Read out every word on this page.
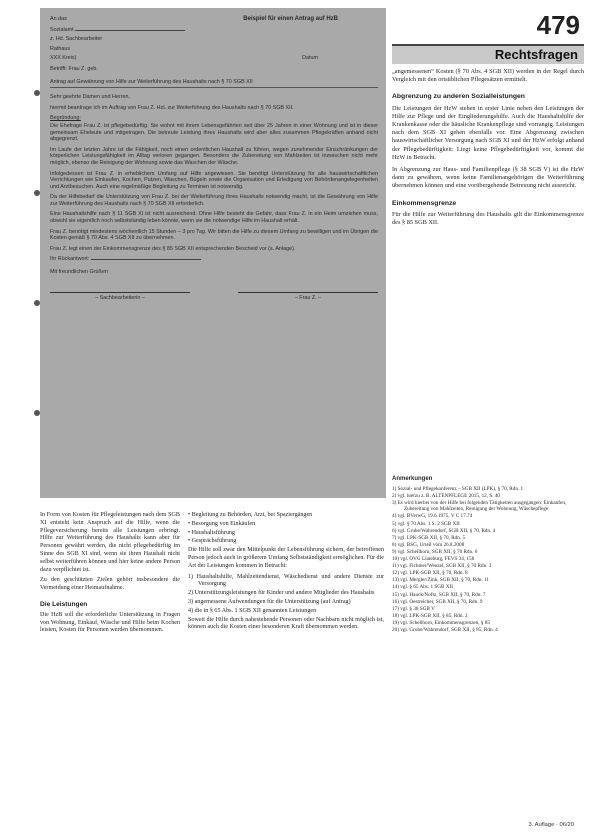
479
Rechtsfragen
An das	Beispiel für einen Antrag auf HzB
Sozialamt
z. Hd. Sachbearbeiter
Rathaus
XXX Kreis)	Datum
Betrifft: Frau Z. geb.
Antrag auf Gewährung von Hilfe zur Weiterführung des Haushalts nach § 70 SGB XII

Sehr geehrte Damen und Herren,

hiermit beantrage ich im Auftrag von Frau Z. HzL zur Weiterführung des Haushalts nach § 70 SGB XII.

Begründung:

Die Ehefrage Frau Z. ist pflegebedürftig. Sie wohnt mit ihrem Lebensgefährten seit über 25 Jahren in einer Wohnung und ist in dieser gemeinsam Eheleute und mitgetragen. Die betreute Leistung ihres Haushalts wird aber alles zusammen Pflegekräften anhand nicht abgegrenzt.

Im Laufe der letzten Jahre ist die Fähigkeit, noch einen ordentlichen Haushalt zu führen, wegen zunehmender Einschränkungen der körperlichen Leistungsfähigkeit im Alltag verloren gegangen. Besonders die Zubereitung von Mahlzeiten ist inzwischen nicht mehr möglich, ebenso die Reinigung der Wohnung sowie das Waschen der Wäsche.

Infolgedessen ist Frau Z. in erheblichem Umfang auf Hilfe angewiesen. Sie benötigt Unterstützung für alle hauswirtschaftlichen Verrichtungen wie Einkaufen, Kochen, Putzen, Waschen, Bügeln sowie die Organisation und Erledigung von Behördenangelegenheiten und Arztbesuchen. Auch eine regelmäßige Begleitung zu Terminen ist notwendig.

Da der Hilfebedarf die Unterstützung von Frau Z. bei der Weiterführung ihres Haushalts notwendig macht, ist die Gewährung von Hilfe zur Weiterführung des Haushalts nach § 70 SGB XII erforderlich.

Eine Haushaltshilfe nach § 11 SGB XI ist nicht ausreichend. Ohne Hilfe besteht die Gefahr, dass Frau Z. in ein Heim umziehen muss, obwohl sie eigentlich noch selbstständig leben könnte, wenn sie die notwendige Hilfe im Haushalt erhält.

Frau Z. benötigt mindestens wöchentlich 15 Stunden – 3 pro Tag. Wir bitten die Hilfe zu diesem Umfang zu bewilligen und im Übrigen die Kosten gemäß § 70 Abs. 4 SGB XII zu übernehmen.

Frau Z. legt einen der Einkommensgrenze des § 85 SGB XII entsprechenden Bescheid vor (s. Anlage).

Ihr Rückantwort:
Mit freundlichen Grüßen
– Sachbearbeiterin –	– Frau Z. –

In Form von Kosten für Pflegeleistungen nach dem SGB XI entsteht kein Anspruch auf die Hilfe, wenn die Pflegeversicherung bereits alle Leistungen erbringt. Hilfe zur Weiterführung des Haushalts kann aber für Personen gewährt werden, die nicht pflegebedürftig im Sinne des SGB XI sind, wenn sie ihren Haushalt nicht selbst weiterführen können und hier keine andere Person dazu verpflichtet ist.

Zu den geschützten Zielen gehört insbesondere die Vermeidung einer Heimaufnahme.

Die Leistungen

Die HzB soll die erforderliche Unterstützung in Fragen von Wohnung, Einkauf, Wäsche und Hilfe beim Kochen leisten, Kosten für Personen werden übernommen.

• Begleitung zu Behörden, Arzt, bei Spaziergängen
• Besorgung von Einkäufen
• Haushaltsführung
• Gesprächsführung

Die Hilfe soll zwar den Mittelpunkt der Lebensführung sichern, der betroffenen Person jedoch auch in größerem Umfang Selbstständigkeit ermöglichen. Für die Art der Leistungen kommen in Betracht:

1) Haushaltshilfe, Mahlzeitendienst, Wäschedienst und andere Dienste zur Versorgung
2) Unterstützungsleistungen für Kinder und andere Mitglieder des Haushalts
3) angemessene Aufwendungen für die Unterstützung (auf Antrag)
4) die in § 65 Abs. 1 SGB XII genannten Leistungen

Soweit die Hilfe durch nahestehende Personen oder Nachbarn nicht möglich ist, können auch die Kosten einer besonderen Kraft übernommen werden.

„angemessenen“ Kosten (§ 70 Abs. 4 SGB XII) werden in der Regel durch Vergleich mit den ortsüblichen Pflegesätzen ermittelt.

Abgrenzung zu anderen Sozialleistungen

Die Leistungen der HzW stehen in erster Linie neben den Leistungen der Hilfe zur Pflege und der Eingliederungshilfe. Auch die Haushaltshilfe der Krankenkasse oder die häusliche Krankenpflege sind vorrangig. Leistungen nach dem SGB XI gehen ebenfalls vor. Eine Abgrenzung zwischen hauswirtschaftlicher Versorgung nach SGB XI und der HzW erfolgt anhand der Pflegebedürftigkeit: Liegt keine Pflegebedürftigkeit vor, kommt die HzW in Betracht.

In Abgrenzung zur Haus- und Familienpflege (§ 38 SGB V) ist die HzW dann zu gewähren, wenn keine Familienangehörigen die Weiterführung übernehmen können und eine vorübergehende Betreuung nicht ausreicht.

Einkommensgrenze

Für die Hilfe zur Weiterführung des Haushalts gilt die Einkommensgrenze des § 85 SGB XII.

Anmerkungen
1) Sozial- und Pflegekonferenz – SGB XII (LPK), § 70, Rdn. 1
2) vgl. hierzu z. B. ALTENPFLEGE 2015, 12, S. 40
3) Es wird hierbei von der Hilfe bei folgenden Tätigkeiten ausgegangen: Einkaufen, Zubereitung von Mahlzeiten, Reinigung der Wohnung, Wäschepflege
4) vgl. BVerwG, 19.6.1975, V C 17.74
5) vgl. § 70 Abs. 1 S. 2 SGB XII
6) vgl. Grube/Wahrendorf, SGB XII, § 70, Rdn. 4
7) vgl. LPK-SGB XII, § 70, Rdn. 5
8) vgl. BSG, Urteil vom 26.8.2008
9) vgl. Schellhorn, SGB XII, § 70 Rdn. 6
10) vgl. OVG Lüneburg, FEVS 34, 158
11) vgl. Fichtner/Wenzel, SGB XII, § 70 Rdn. 3
12) vgl. LPK-SGB XII, § 70, Rdn. 8
13) vgl. Mergler/Zink, SGB XII, § 70, Rdn. 11
14) vgl. § 65 Abs. 1 SGB XII
15) vgl. Hauck/Noftz, SGB XII, § 70, Rdn. 7
16) vgl. Oestreicher, SGB XII, § 70, Rdn. 9
17) vgl. § 38 SGB V
18) vgl. LPK-SGB XII, § 85, Rdn. 2
19) vgl. Schellhorn, Einkommensgrenzen, § 85
20) vgl. Grube/Wahrendorf, SGB XII, § 85, Rdn. 4
3. Auflage · 06/20
